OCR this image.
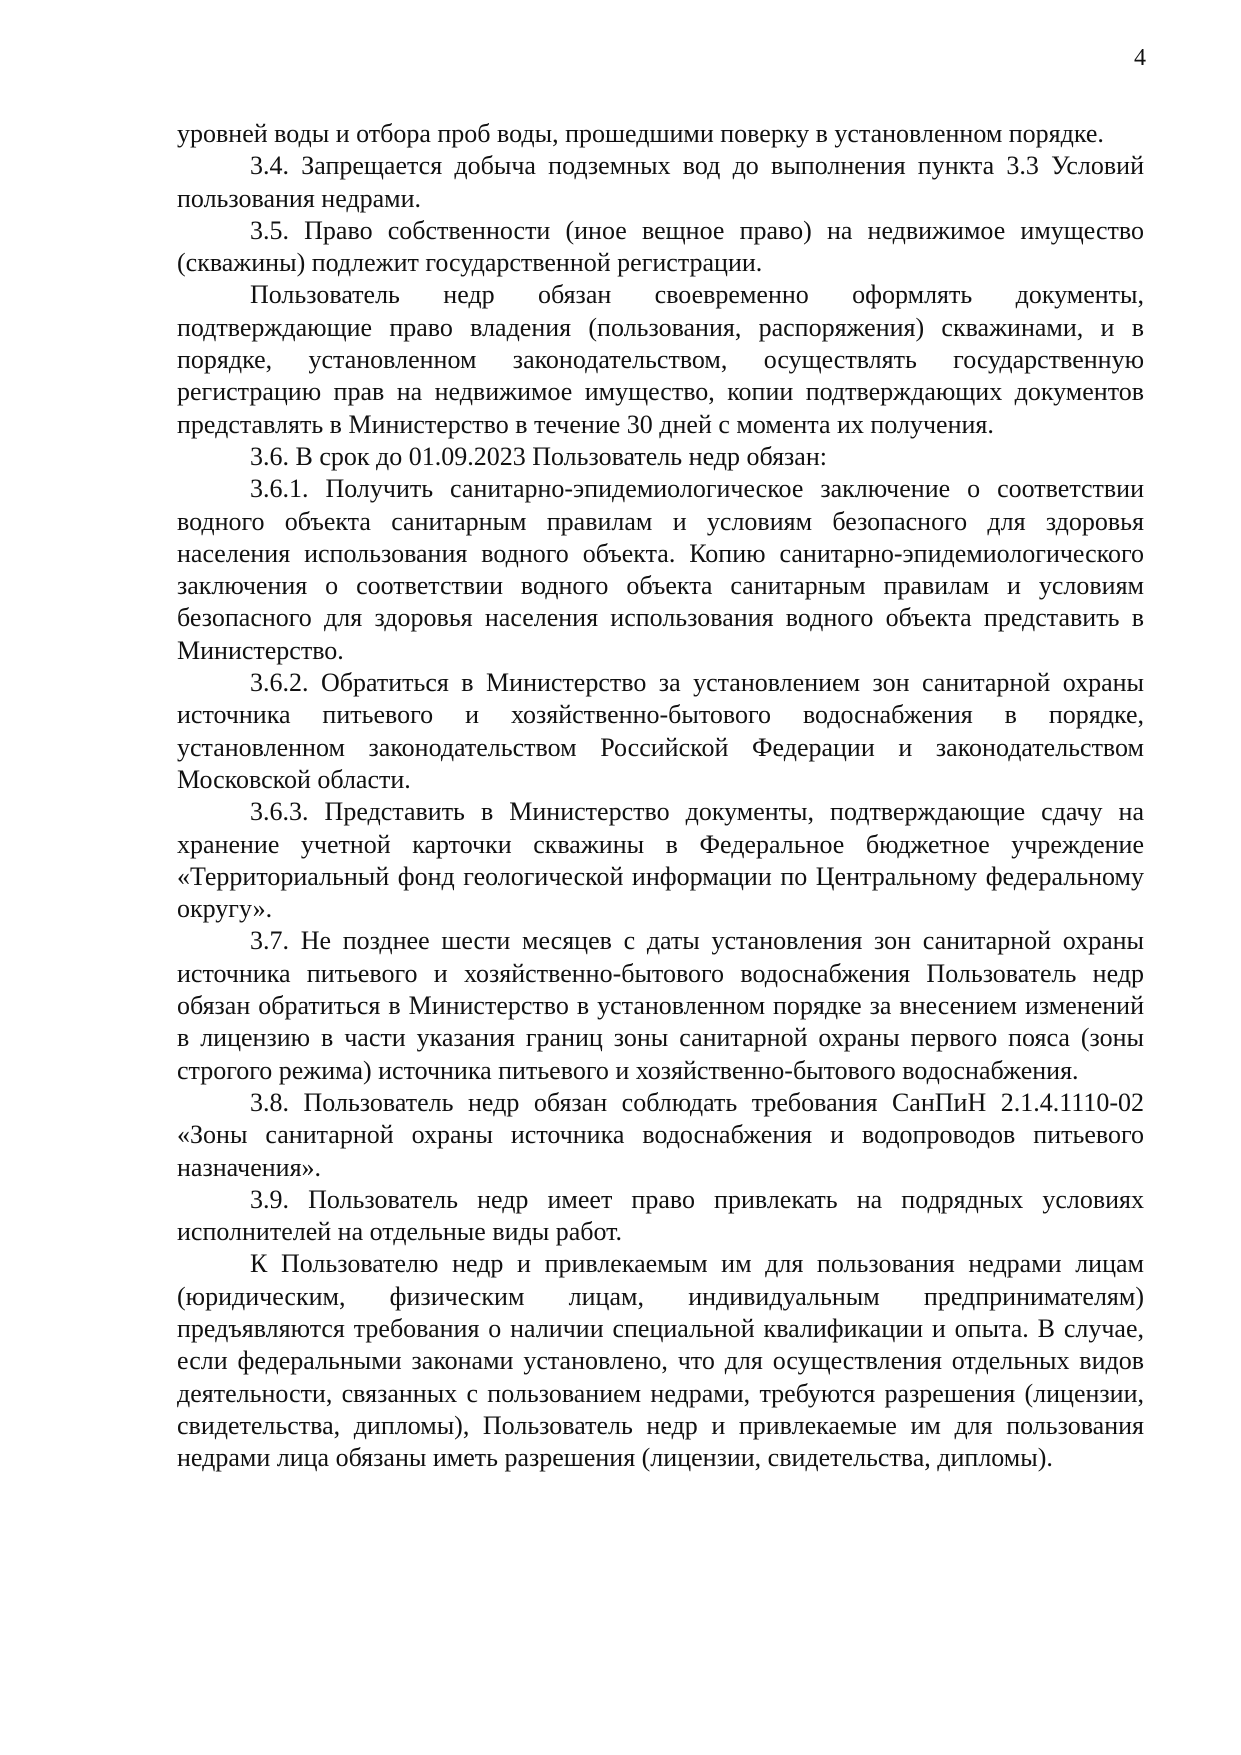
4

уровней воды и отбора проб воды, прошедшими поверку в установленном порядке.

3.4. Запрещается добыча подземных вод до выполнения пункта 3.3 Условий пользования недрами.

3.5. Право собственности (иное вещное право) на недвижимое имущество (скважины) подлежит государственной регистрации.

Пользователь недр обязан своевременно оформлять документы, подтверждающие право владения (пользования, распоряжения) скважинами, и в порядке, установленном законодательством, осуществлять государственную регистрацию прав на недвижимое имущество, копии подтверждающих документов представлять в Министерство в течение 30 дней с момента их получения.

3.6. В срок до 01.09.2023 Пользователь недр обязан:

3.6.1. Получить санитарно-эпидемиологическое заключение о соответствии водного объекта санитарным правилам и условиям безопасного для здоровья населения использования водного объекта. Копию санитарно-эпидемиологического заключения о соответствии водного объекта санитарным правилам и условиям безопасного для здоровья населения использования водного объекта представить в Министерство.

3.6.2. Обратиться в Министерство за установлением зон санитарной охраны источника питьевого и хозяйственно-бытового водоснабжения в порядке, установленном законодательством Российской Федерации и законодательством Московской области.

3.6.3. Представить в Министерство документы, подтверждающие сдачу на хранение учетной карточки скважины в Федеральное бюджетное учреждение «Территориальный фонд геологической информации по Центральному федеральному округу».

3.7. Не позднее шести месяцев с даты установления зон санитарной охраны источника питьевого и хозяйственно-бытового водоснабжения Пользователь недр обязан обратиться в Министерство в установленном порядке за внесением изменений в лицензию в части указания границ зоны санитарной охраны первого пояса (зоны строгого режима) источника питьевого и хозяйственно-бытового водоснабжения.

3.8. Пользователь недр обязан соблюдать требования СанПиН 2.1.4.1110-02 «Зоны санитарной охраны источника водоснабжения и водопроводов питьевого назначения».

3.9. Пользователь недр имеет право привлекать на подрядных условиях исполнителей на отдельные виды работ.

К Пользователю недр и привлекаемым им для пользования недрами лицам (юридическим, физическим лицам, индивидуальным предпринимателям) предъявляются требования о наличии специальной квалификации и опыта. В случае, если федеральными законами установлено, что для осуществления отдельных видов деятельности, связанных с пользованием недрами, требуются разрешения (лицензии, свидетельства, дипломы), Пользователь недр и привлекаемые им для пользования недрами лица обязаны иметь разрешения (лицензии, свидетельства, дипломы).
